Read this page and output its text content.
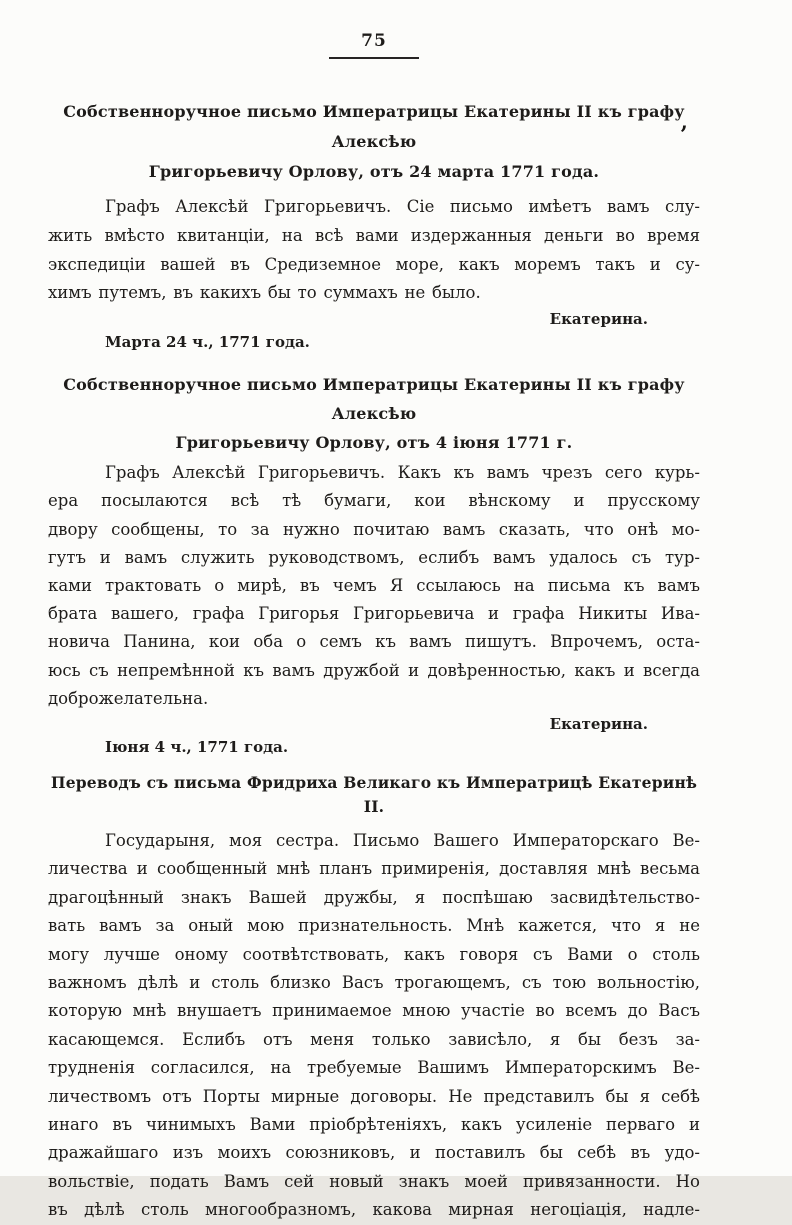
75
Собственноручное письмо Императрицы Екатерины II къ графу Алексѣю
Григорьевичу Орлову, отъ 24 марта 1771 года.
Графъ Алексѣй Григорьевичъ. Сіе письмо имѣетъ вамъ слу-
жить вмѣсто квитанціи, на всѣ вами издержанныя деньги во время
экспедиціи вашей въ Средиземное море, какъ моремъ такъ и су-
химъ путемъ, въ какихъ бы то суммахъ не было.
Екатерина.
Марта 24 ч., 1771 года.
Собственноручное письмо Императрицы Екатерины II къ графу Алексѣю
Григорьевичу Орлову, отъ 4 іюня 1771 г.
Графъ Алексѣй Григорьевичъ. Какъ къ вамъ чрезъ сего курь-
ера посылаются всѣ тѣ бумаги, кои вѣнскому и прусскому
двору сообщены, то за нужно почитаю вамъ сказать, что онѣ мо-
гутъ и вамъ служить руководствомъ, еслибъ вамъ удалось съ тур-
ками трактовать о мирѣ, въ чемъ Я ссылаюсь на письма къ вамъ
брата вашего, графа Григорья Григорьевича и графа Никиты Ива-
новича Панина, кои оба о семъ къ вамъ пишутъ. Впрочемъ, оста-
юсь съ непремѣнной къ вамъ дружбой и довѣренностью, какъ и всегда
доброжелательна.
Екатерина.
Іюня 4 ч., 1771 года.
Переводъ съ письма Фридриха Великаго къ Императрицѣ Екатеринѣ II.
Государыня, моя сестра. Письмо Вашего Императорскаго Ве-
личества и сообщенный мнѣ планъ примиренія, доставляя мнѣ весьма
драгоцѣнный знакъ Вашей дружбы, я поспѣшаю засвидѣтельство-
вать вамъ за оный мою признательность. Мнѣ кажется, что я не
могу лучше оному соотвѣтствовать, какъ говоря съ Вами о столь
важномъ дѣлѣ и столь близко Васъ трогающемъ, съ тою вольностію,
которую мнѣ внушаетъ принимаемое мною участіе во всемъ до Васъ
касающемся. Еслибъ отъ меня только зависѣло, я бы безъ за-
трудненія согласился, на требуемые Вашимъ Императорскимъ Ве-
личествомъ отъ Порты мирные договоры. Не представилъ бы я себѣ
инаго въ чинимыхъ Вами пріобрѣтеніяхъ, какъ усиленіе перваго и
дражайшаго изъ моихъ союзниковъ, и поставилъ бы себѣ въ удо-
вольствіе, подать Вамъ сей новый знакъ моей привязанности. Но
въ дѣлѣ столь многообразномъ, какова мирная негоціація, надле-
’
